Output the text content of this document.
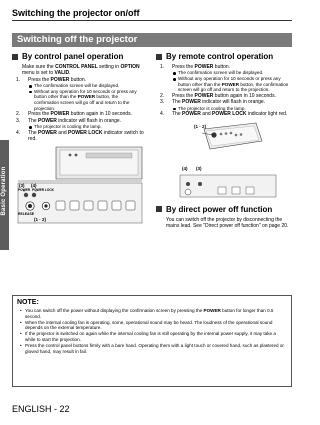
Basic Operation
Switching the projector on/off
Switching off the projector
By control panel operation
Make sure the CONTROL PANEL setting in OPTION menu is set to VALID.
1.	Press the POWER button.
The confirmation screen will be displayed.
Without any operation for 10 seconds or press any button other than the POWER button, the confirmation screen will go off and return to the projection.
2.	Press the POWER button again in 10 seconds.
3.	The POWER indicator will flash in orange.
The projector is cooling the lamp.
4.	The POWER and POWER LOCK indicator switch to red.
(3) (4)
POWER POWER LOCK
RELEASE
(1 · 2)
By remote control operation
1.	Press the POWER button.
The confirmation screen will be displayed.
Without any operation for 10 seconds or press any button other than the POWER button, the confirmation screen will go off and return to the projection.
2.	Press the POWER button again in 10 seconds.
3.	The POWER indicator will flash in orange.
The projector is cooling the lamp.
4.	The POWER and POWER LOCK indicator light red.
(1 · 2)
(4) (3)
By direct power off function
You can switch off the projector by disconnecting the mains lead. See "Direct power off function" on page 20.
NOTE:
• You can switch off the power without displaying the confirmation screen by pressing the POWER button for longer than 0.5 second.
• When the internal cooling fan is operating, some, operational sound may be heard. The loudness of the operational sound depends on the external temperature.
• If the projector is switched on again while the internal cooling fan is still operating by the internal power supply, it may take a while to start the projection.
• Press the control panel buttons firmly with a bare hand. Operating them with a light touch or covered hand, such as plastered or gloved hand, may result in fail.
ENGLISH - 22
